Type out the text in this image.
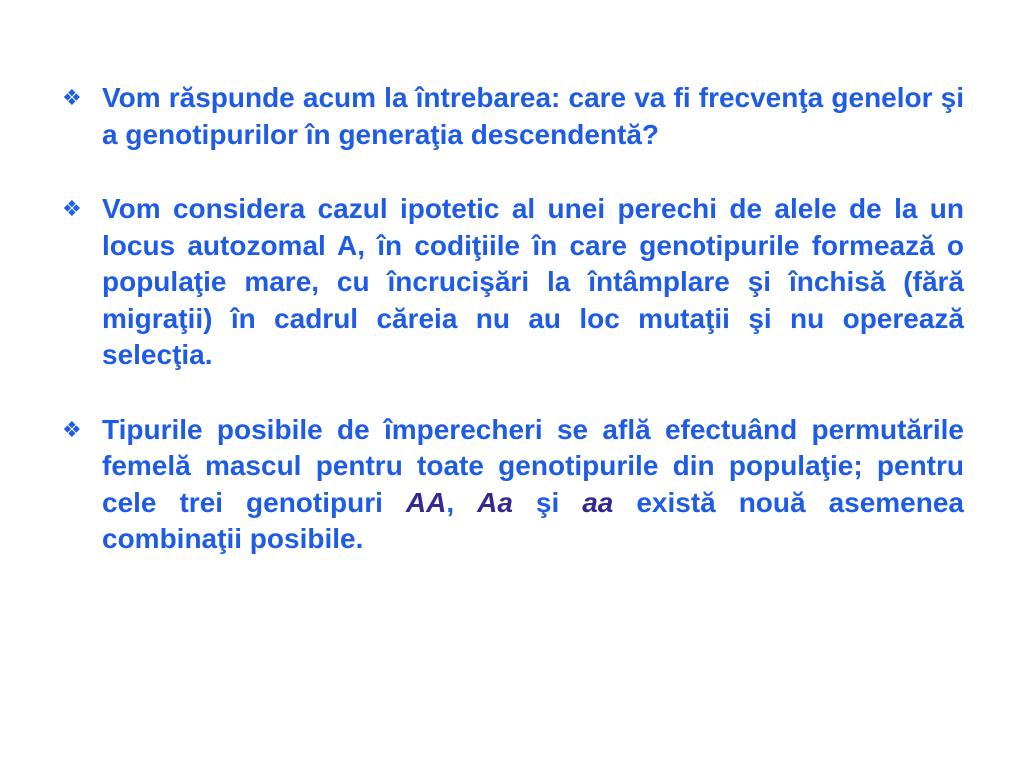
❖ Vom răspunde acum la întrebarea: care va fi frecvenţa genelor şi a genotipurilor în generaţia descendentă?
❖ Vom considera cazul ipotetic al unei perechi de alele de la un locus autozomal A, în codiţiile în care genotipurile formează o populaţie mare, cu încrucişări la întâmplare şi închisă (fără migraţii) în cadrul căreia nu au loc mutaţii şi nu operează selecţia.
❖ Tipurile posibile de împerecheri se află efectuând permutările femelă mascul pentru toate genotipurile din populaţie; pentru cele trei genotipuri AA, Aa şi aa există nouă asemenea combinaţii posibile.
